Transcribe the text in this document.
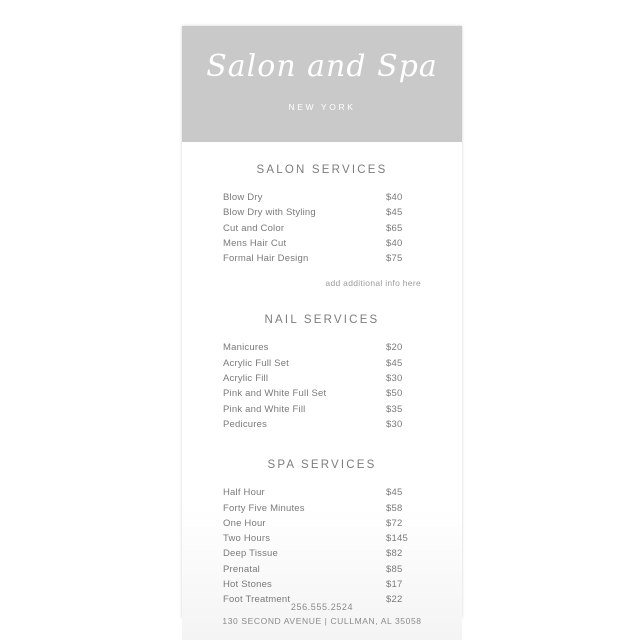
Salon and Spa
NEW YORK
SALON SERVICES
Blow Dry	$40
Blow Dry with Styling	$45
Cut and Color	$65
Mens Hair Cut	$40
Formal Hair Design	$75
add additional info here
NAIL SERVICES
Manicures	$20
Acrylic Full Set	$45
Acrylic Fill	$30
Pink and White Full Set	$50
Pink and White Fill	$35
Pedicures	$30
SPA SERVICES
Half Hour	$45
Forty Five Minutes	$58
One Hour	$72
Two Hours	$145
Deep Tissue	$82
Prenatal	$85
Hot Stones	$17
Foot Treatment	$22
256.555.2524
130 SECOND AVENUE | CULLMAN, AL 35058
